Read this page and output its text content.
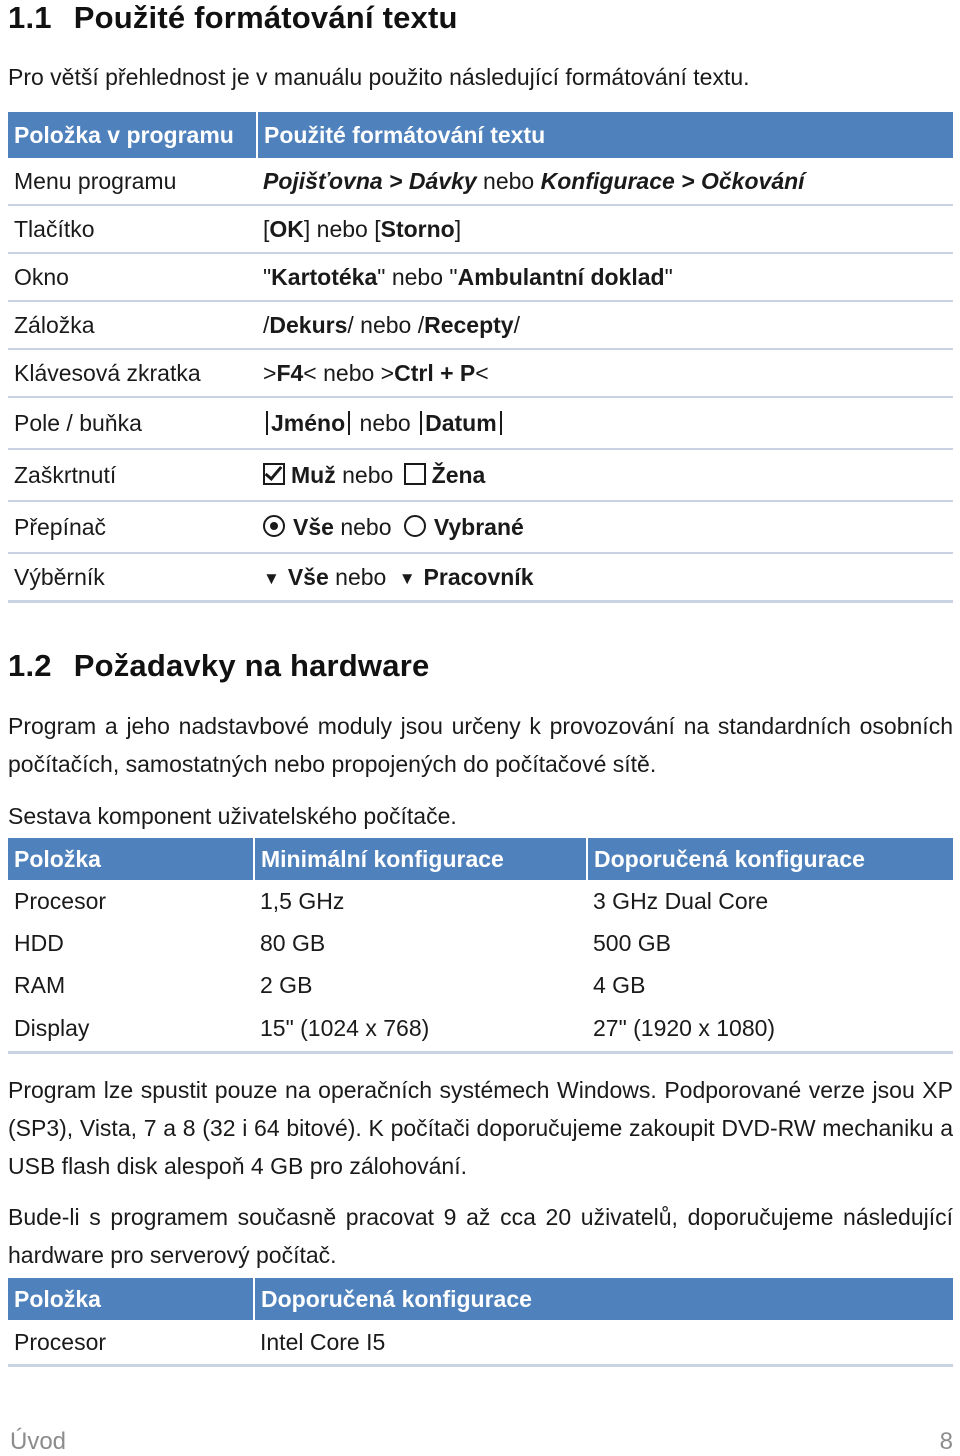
1.1 Použité formátování textu

Pro větší přehlednost je v manuálu použito následující formátování textu.

Položka v programu	Použité formátování textu
Menu programu	Pojišťovna > Dávky nebo Konfigurace > Očkování
Tlačítko	[OK] nebo [Storno]
Okno	"Kartotéka" nebo "Ambulantní doklad"
Záložka	/Dekurs/ nebo /Recepty/
Klávesová zkratka	>F4< nebo >Ctrl + P<
Pole / buňka	Jméno nebo Datum
Zaškrtnutí	Muž nebo Žena
Přepínač	Vše nebo Vybrané
Výběrník	▼ Vše nebo ▼ Pracovník
1.2 Požadavky na hardware

Program a jeho nadstavbové moduly jsou určeny k provozování na standardních osobních počítačích, samostatných nebo propojených do počítačové sítě.

Sestava komponent uživatelského počítače.

Položka	Minimální konfigurace	Doporučená konfigurace
Procesor	1,5 GHz	3 GHz Dual Core
HDD	80 GB	500 GB
RAM	2 GB	4 GB
Display	15" (1024 x 768)	27" (1920 x 1080)

Program lze spustit pouze na operačních systémech Windows. Podporované verze jsou XP (SP3), Vista, 7 a 8 (32 i 64 bitové). K počítači doporučujeme zakoupit DVD-RW mechaniku a USB flash disk alespoň 4 GB pro zálohování.

Bude-li s programem současně pracovat 9 až cca 20 uživatelů, doporučujeme následující hardware pro serverový počítač.

Položka	Doporučená konfigurace
Procesor	Intel Core I5
Úvod	8
